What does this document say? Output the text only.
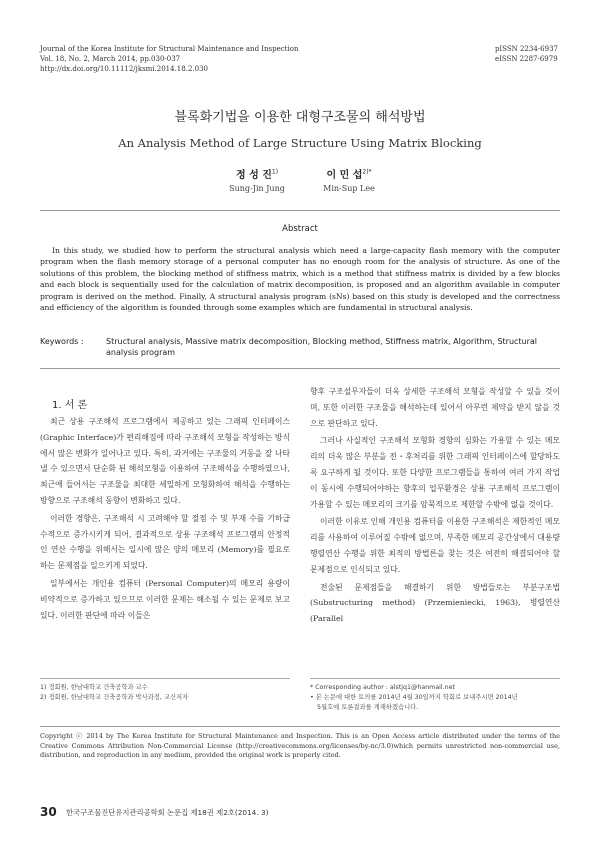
Journal of the Korea Institute for Structural Maintenance and Inspection
Vol. 18, No. 2, March 2014, pp.030-037
http://dx.doi.org/10.11112/jksmi.2014.18.2.030
pISSN 2234-6937
eISSN 2287-6979
블록화기법을 이용한 대형구조물의 해석방법
An Analysis Method of Large Structure Using Matrix Blocking
정 성 진$^{1)}$
Sung-Jin Jung
이 민 섭$^{2)*}$
Min-Sup Lee
Abstract

In this study, we studied how to perform the structural analysis which need a large-capacity flash memory with the computer program when the flash memory storage of a personal computer has no enough room for the analysis of structure. As one of the solutions of this problem, the blocking method of stiffness matrix, which is a method that stiffness matrix is divided by a few blocks and each block is sequentially used for the calculation of matrix decomposition, is proposed and an algorithm available in computer program is derived on the method. Finally, A structural analysis program (sNs) based on this study is developed and the correctness and efficiency of the algorithm is founded through some examples which are fundamental in structural analysis.

Keywords :	Structural analysis, Massive matrix decomposition, Blocking method, Stiffness matrix, Algorithm, Structural analysis program
1. 서 론

최근 상용 구조해석 프로그램에서 제공하고 있는 그래픽 인터페이스 (Graphic Interface)가 편리해짐에 따라 구조해석 모형을 작성하는 방식에서 많은 변화가 일어나고 있다. 특히, 과거에는 구조물의 거동을 잘 나타낼 수 있으면서 단순화 된 해석모형을 이용하여 구조해석을 수행하였으나, 최근에 들어서는 구조물을 최대한 세밀하게 모형화하여 해석을 수행하는 방향으로 구조해석 동향이 변화하고 있다.

이러한 경향은, 구조해석 시 고려해야 할 절점 수 및 부재 수를 기하급수적으로 증가시키게 되어, 결과적으로 상용 구조해석 프로그램의 안정적인 연산 수행을 위해서는 일시에 많은 양의 메모리 (Memory)를 필요로 하는 문제점을 일으키게 되었다.

일부에서는 개인용 컴퓨터 (Personal Computer)의 메모리 용량이 비약적으로 증가하고 있으므로 이러한 문제는 해소될 수 있는 문제로 보고 있다. 이러한 판단에 따라 이들은

향후 구조설무자들이 더욱 상세한 구조해석 모형을 작성할 수 있을 것이며, 또한 이러한 구조물을 해석하는데 있어서 아무런 제약을 받지 않을 것으로 판단하고 있다.

그러나 사실적인 구조해석 모형화 경향의 심화는 가용할 수 있는 메모리의 더욱 많은 부분을 전・후처리를 위한 그래픽 인터페이스에 할당하도록 요구하게 될 것이다. 또한 다양한 프로그램들을 통하여 여러 가지 작업이 동시에 수행되어야하는 향후의 업무환경은 상용 구조해석 프로그램이 가용할 수 있는 메모리의 크기를 암묵적으로 제한할 수밖에 없을 것이다.

이러한 이유로 인해 개인용 컴퓨터를 이용한 구조해석은 제한적인 메모리를 사용하여 이루어질 수밖에 없으며, 부족한 메모리 공간상에서 대용량 행렬연산 수행을 위한 최적의 방법론을 찾는 것은 여전히 해결되어야 할 문제점으로 인식되고 있다.

전술된 문제점들을 해결하기 위한 방법들로는 부분구조법 (Substructuring method) (Przemieniecki, 1963), 병렬연산 (Parallel

1) 정회원, 한남대학교 건축공학과 교수
2) 정회원, 한남대학교 건축공학과 박사과정, 교신저자
* Corresponding author : alstjq1@hanmail.net
• 본 논문에 대한 토의를 2014년 4월 30일까지 학회로 보내주시면 2014년
5월호에 토론결과를 게재하겠습니다.
Copyright ⓒ 2014 by The Korea Institute for Structural Maintenance and Inspection. This is an Open Access article distributed under the terms of the Creative Commons Attribution Non-Commercial License (http://creativecommons.org/licenses/by-nc/3.0)which permits unrestricted non-commercial use, distribution, and reproduction in any medium, provided the original work is properly cited.
30 한국구조물진단유지관리공학회 논문집 제18권 제2호(2014. 3)
